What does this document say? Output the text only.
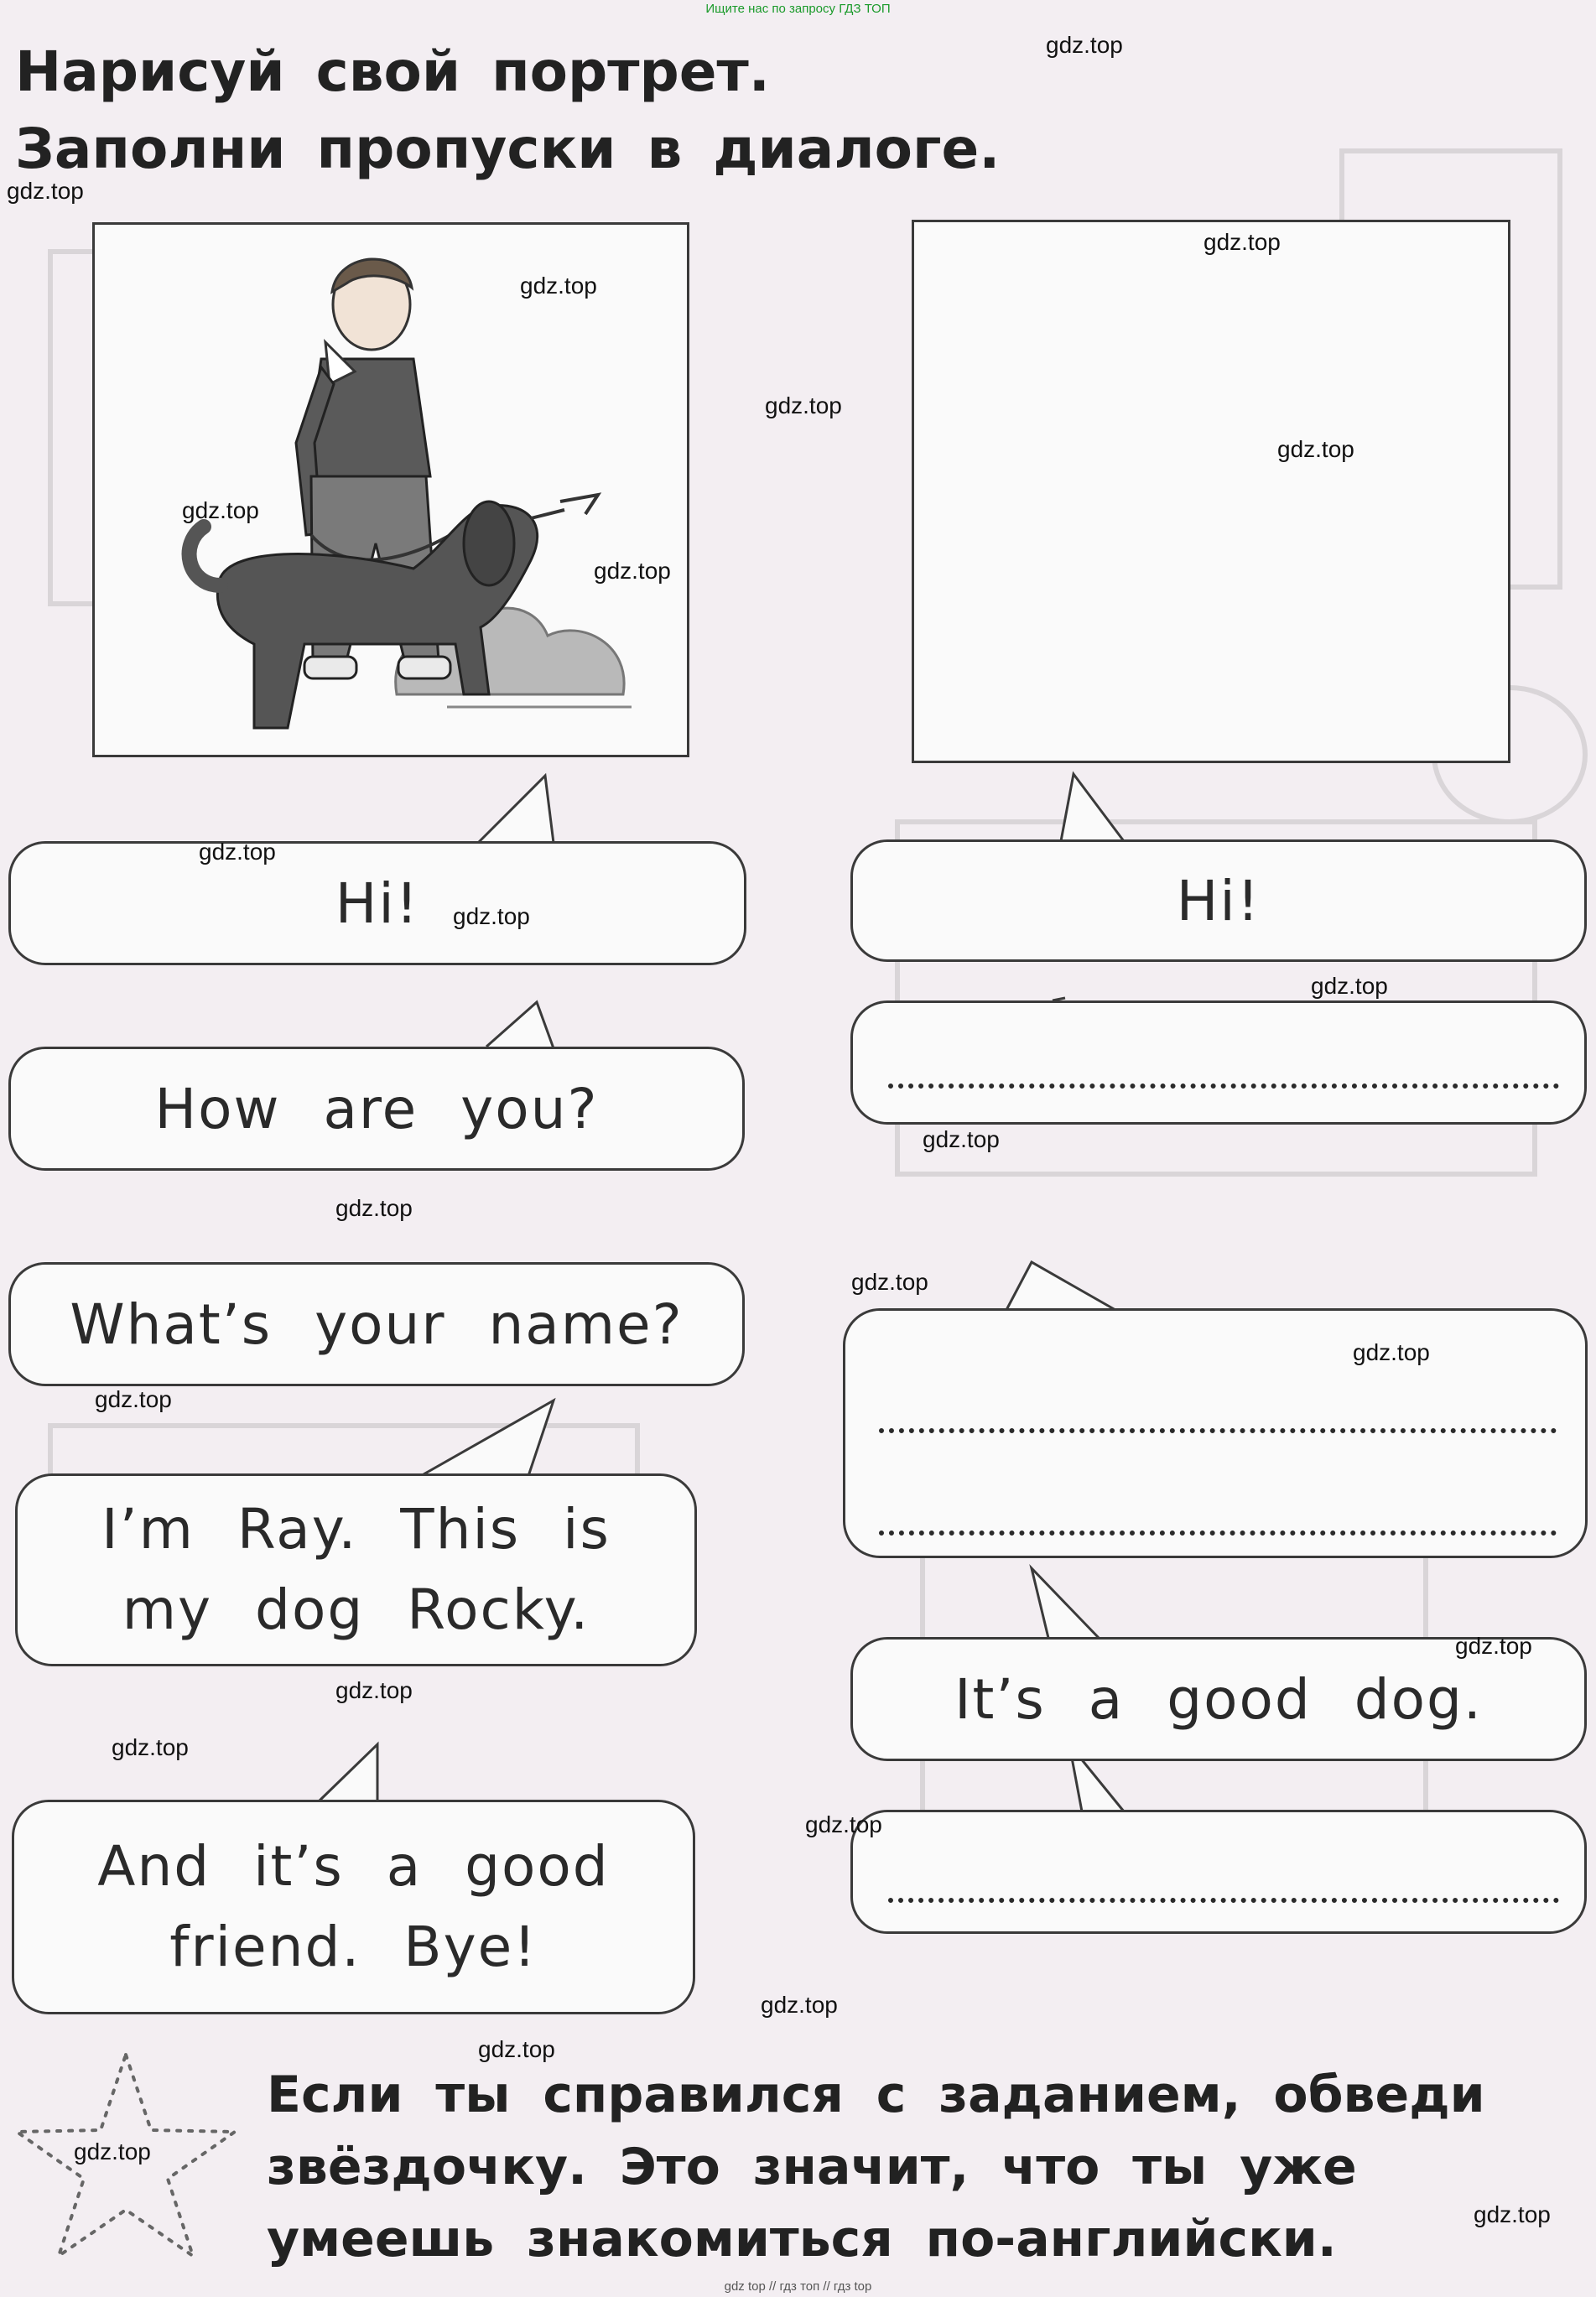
Ищите нас по запросу ГДЗ ТОП
Нарисуй свой портрет.
Заполни пропуски в диалоге.
Hi!
How are you?
What’s your name?
I’m Ray. This is
my dog Rocky.
And it’s a good
friend. Bye!
Hi!
It’s a good dog.
Если ты справился с заданием, обведи
звёздочку. Это значит, что ты уже
умеешь знакомиться по-английски.
gdz.top
gdz.top
gdz.top
gdz.top
gdz.top
gdz.top
gdz.top
gdz.top
gdz.top
gdz.top
gdz.top
gdz.top
gdz.top
gdz.top
gdz.top
gdz.top
gdz.top
gdz.top
gdz.top
gdz.top
gdz.top
gdz.top
gdz.top
gdz.top
gdz top // гдз топ // гдз top
